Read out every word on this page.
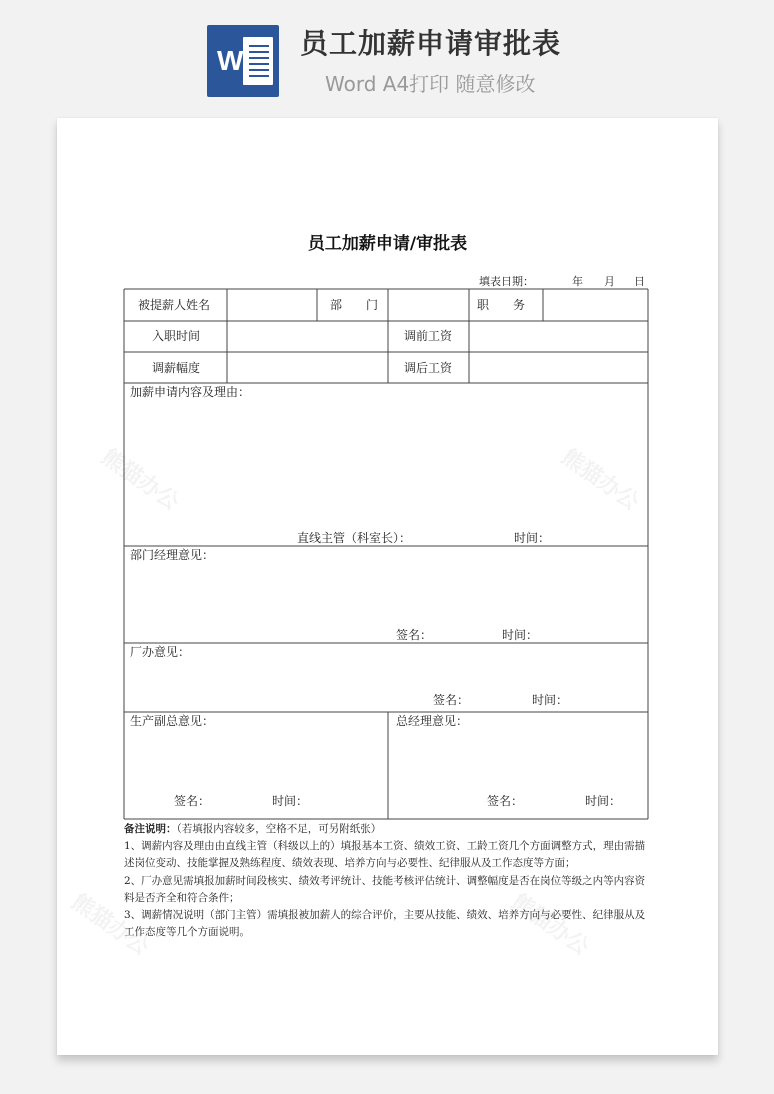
W
员工加薪申请审批表
Word A4打印 随意修改
熊猫办公	熊猫办公
熊猫办公	熊猫办公
员工加薪申请/审批表
填表日期：	年 月 日
被提薪人姓名	部　　门	职　　务
入职时间	调前工资
调薪幅度	调后工资
加薪申请内容及理由：
直线主管（科室长）：	时间：
部门经理意见：
签名：	时间：
厂办意见：
签名：	时间：
生产副总意见：	总经理意见：
签名：	时间：	签名：	时间：

备注说明：（若填报内容较多，空格不足，可另附纸张）

1、调薪内容及理由由直线主管（科级以上的）填报基本工资、绩效工资、工龄工资几个方面调整方式，理由需描述岗位变动、技能掌握及熟练程度、绩效表现、培养方向与必要性、纪律服从及工作态度等方面；

2、厂办意见需填报加薪时间段核实、绩效考评统计、技能考核评估统计、调整幅度是否在岗位等级之内等内容资料是否齐全和符合条件；

3、调薪情况说明（部门主管）需填报被加薪人的综合评价，主要从技能、绩效、培养方向与必要性、纪律服从及工作态度等几个方面说明。
